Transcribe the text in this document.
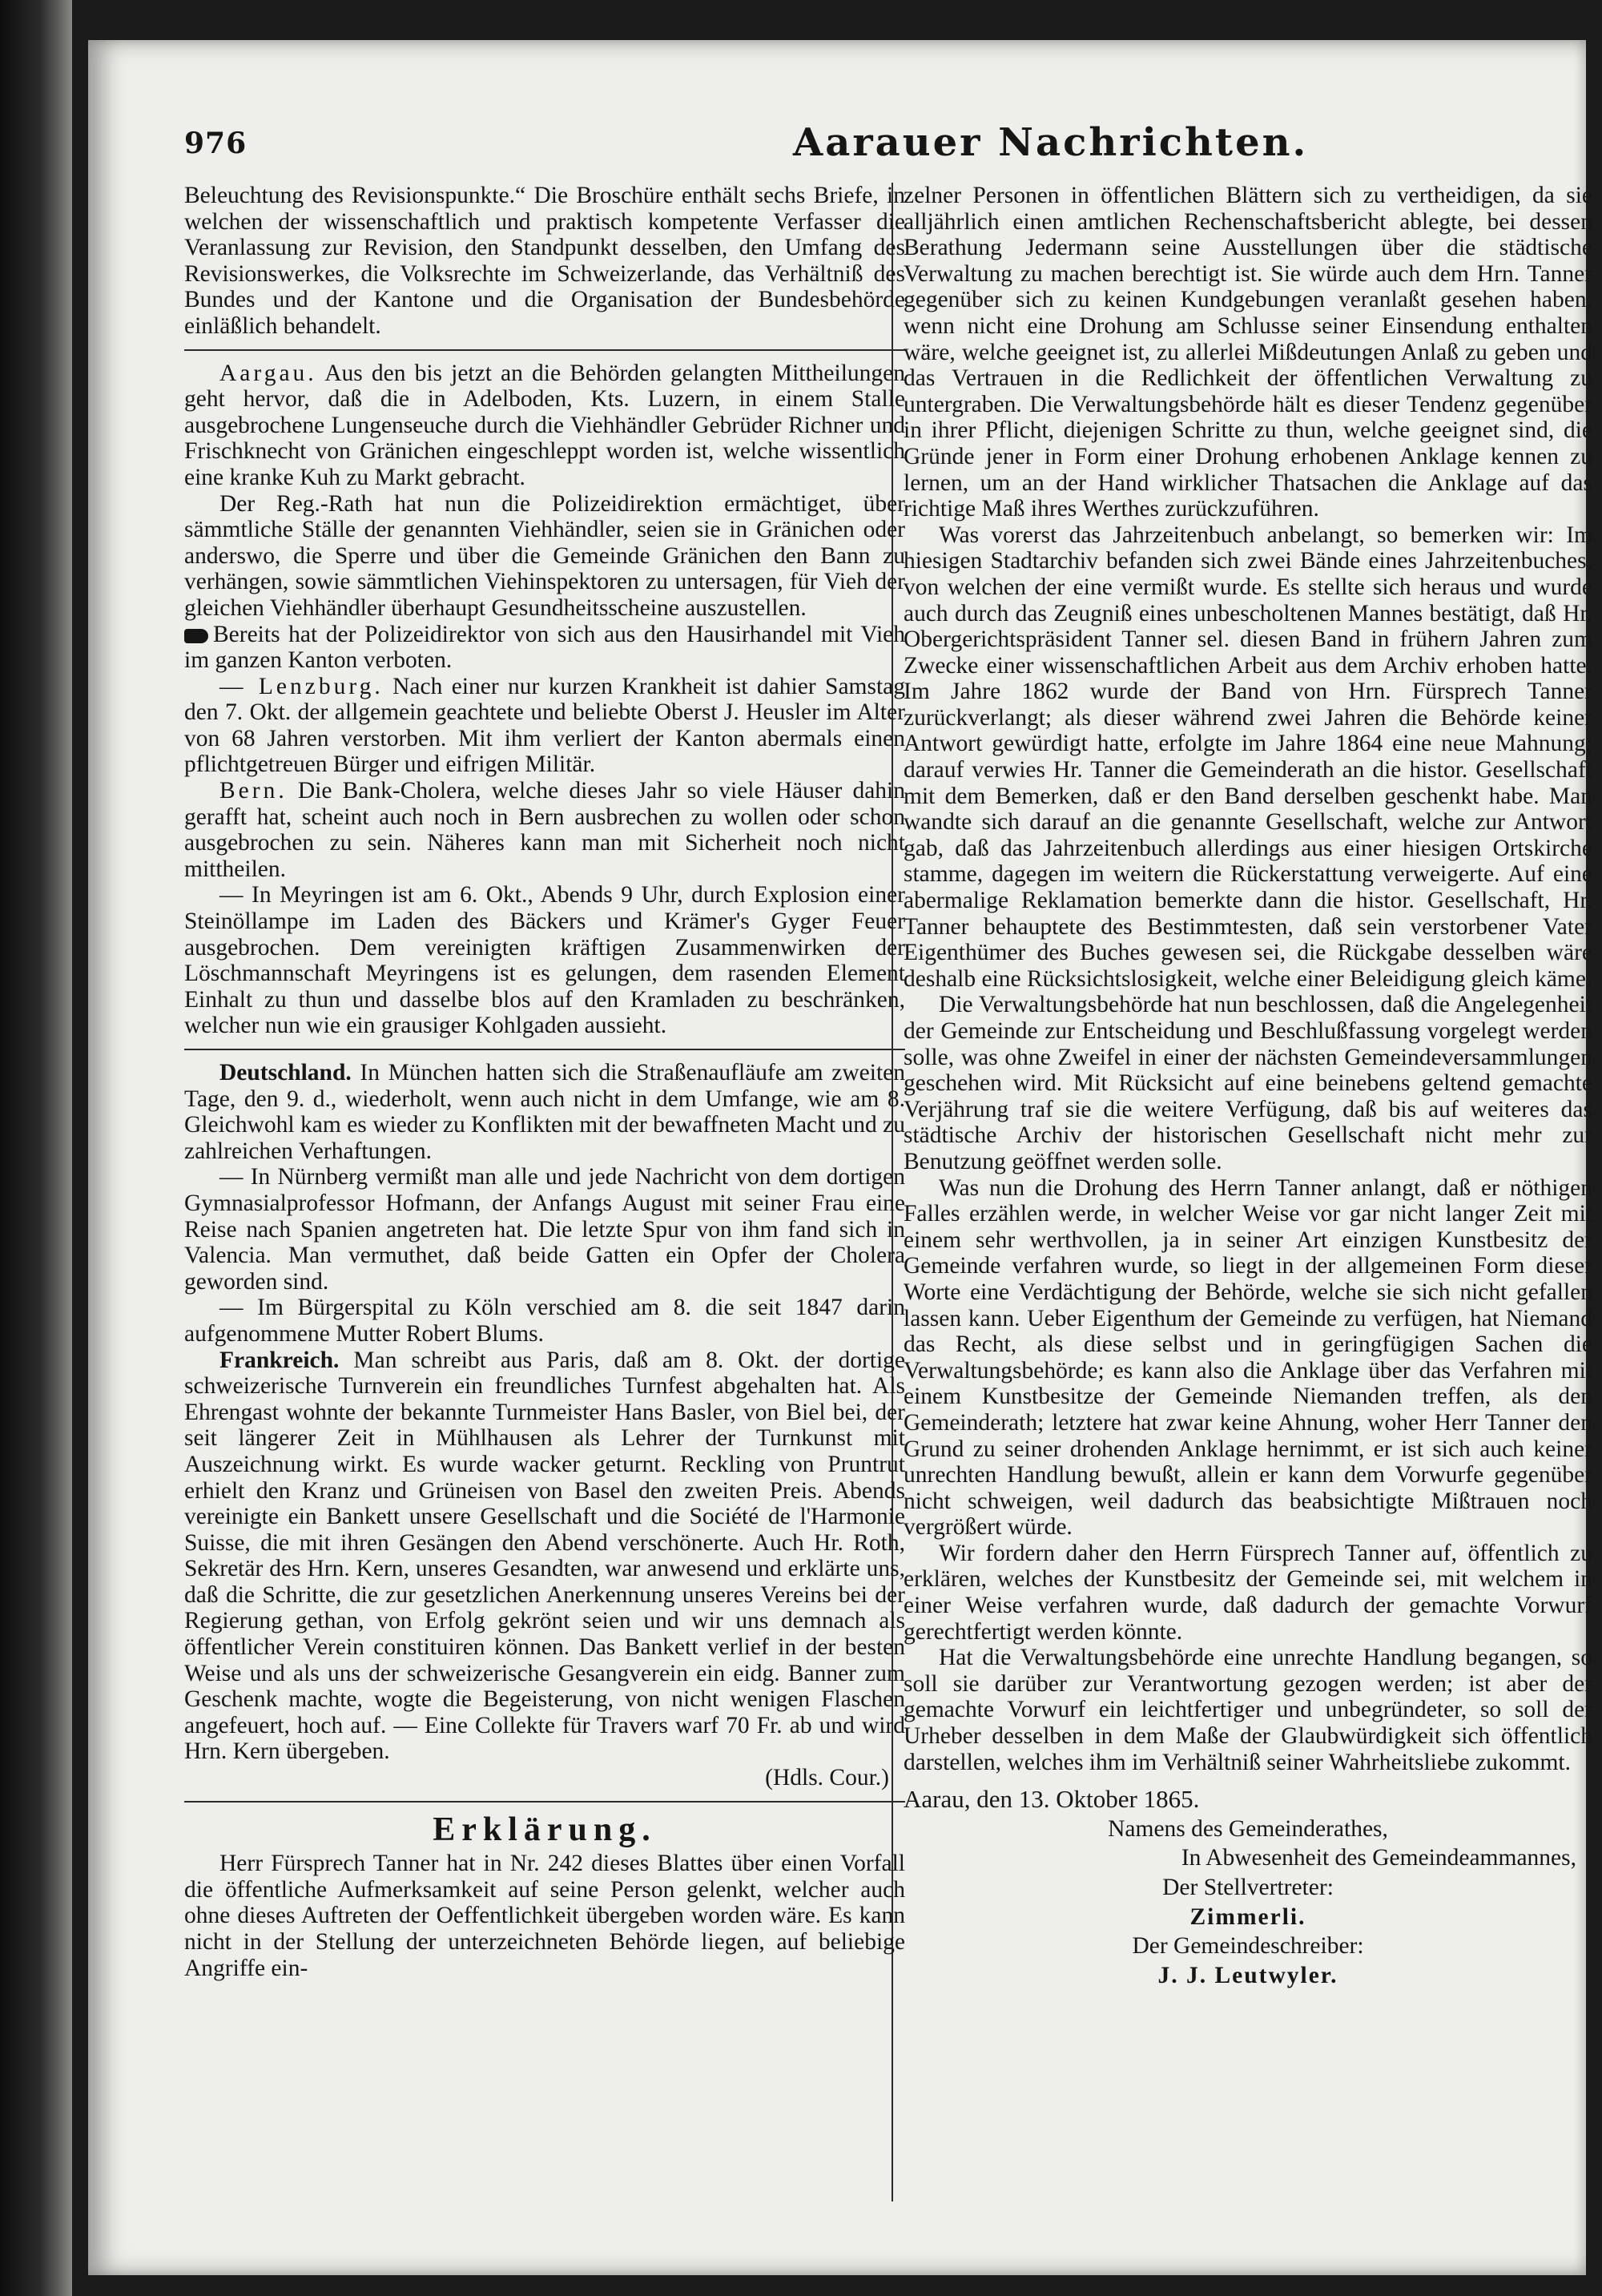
976	Aarauer Nachrichten.

Beleuchtung des Revisionspunkte.“ Die Broschüre enthält sechs Briefe, in welchen der wissenschaftlich und praktisch kompetente Verfasser die Veranlassung zur Revision, den Standpunkt desselben, den Umfang des Revisionswerkes, die Volksrechte im Schweizerlande, das Verhältniß des Bundes und der Kantone und die Organisation der Bundesbehörde einläßlich behandelt.

Aargau. Aus den bis jetzt an die Behörden gelangten Mittheilungen geht hervor, daß die in Adelboden, Kts. Luzern, in einem Stalle ausgebrochene Lungenseuche durch die Viehhändler Gebrüder Richner und Frischknecht von Gränichen eingeschleppt worden ist, welche wissentlich eine kranke Kuh zu Markt gebracht.

Der Reg.-Rath hat nun die Polizeidirektion ermächtiget, über sämmtliche Ställe der genannten Viehhändler, seien sie in Gränichen oder anderswo, die Sperre und über die Gemeinde Gränichen den Bann zu verhängen, sowie sämmtlichen Viehinspektoren zu untersagen, für Vieh der gleichen Viehhändler überhaupt Gesundheitsscheine auszustellen.

Bereits hat der Polizeidirektor von sich aus den Hausirhandel mit Vieh im ganzen Kanton verboten.

— Lenzburg. Nach einer nur kurzen Krankheit ist dahier Samstag den 7. Okt. der allgemein geachtete und beliebte Oberst J. Heusler im Alter von 68 Jahren verstorben. Mit ihm verliert der Kanton abermals einen pflichtgetreuen Bürger und eifrigen Militär.

Bern. Die Bank-Cholera, welche dieses Jahr so viele Häuser dahin gerafft hat, scheint auch noch in Bern ausbrechen zu wollen oder schon ausgebrochen zu sein. Näheres kann man mit Sicherheit noch nicht mittheilen.

— In Meyringen ist am 6. Okt., Abends 9 Uhr, durch Explosion einer Steinöllampe im Laden des Bäckers und Krämer's Gyger Feuer ausgebrochen. Dem vereinigten kräftigen Zusammenwirken der Löschmannschaft Meyringens ist es gelungen, dem rasenden Element Einhalt zu thun und dasselbe blos auf den Kramladen zu beschränken, welcher nun wie ein grausiger Kohlgaden aussieht.

Deutschland. In München hatten sich die Straßenaufläufe am zweiten Tage, den 9. d., wiederholt, wenn auch nicht in dem Umfange, wie am 8. Gleichwohl kam es wieder zu Konflikten mit der bewaffneten Macht und zu zahlreichen Verhaftungen.

— In Nürnberg vermißt man alle und jede Nachricht von dem dortigen Gymnasialprofessor Hofmann, der Anfangs August mit seiner Frau eine Reise nach Spanien angetreten hat. Die letzte Spur von ihm fand sich in Valencia. Man vermuthet, daß beide Gatten ein Opfer der Cholera geworden sind.

— Im Bürgerspital zu Köln verschied am 8. die seit 1847 darin aufgenommene Mutter Robert Blums.

Frankreich. Man schreibt aus Paris, daß am 8. Okt. der dortige schweizerische Turnverein ein freundliches Turnfest abgehalten hat. Als Ehrengast wohnte der bekannte Turnmeister Hans Basler, von Biel bei, der seit längerer Zeit in Mühlhausen als Lehrer der Turnkunst mit Auszeichnung wirkt. Es wurde wacker geturnt. Reckling von Pruntrut erhielt den Kranz und Grüneisen von Basel den zweiten Preis. Abends vereinigte ein Bankett unsere Gesellschaft und die Société de l'Harmonie Suisse, die mit ihren Gesängen den Abend verschönerte. Auch Hr. Roth, Sekretär des Hrn. Kern, unseres Gesandten, war anwesend und erklärte uns, daß die Schritte, die zur gesetzlichen Anerkennung unseres Vereins bei der Regierung gethan, von Erfolg gekrönt seien und wir uns demnach als öffentlicher Verein constituiren können. Das Bankett verlief in der besten Weise und als uns der schweizerische Gesangverein ein eidg. Banner zum Geschenk machte, wogte die Begeisterung, von nicht wenigen Flaschen angefeuert, hoch auf. — Eine Collekte für Travers warf 70 Fr. ab und wird Hrn. Kern übergeben.

(Hdls. Cour.)
Erklärung.

Herr Fürsprech Tanner hat in Nr. 242 dieses Blattes über einen Vorfall die öffentliche Aufmerksamkeit auf seine Person gelenkt, welcher auch ohne dieses Auftreten der Oeffentlichkeit übergeben worden wäre. Es kann nicht in der Stellung der unterzeichneten Behörde liegen, auf beliebige Angriffe ein-

zelner Personen in öffentlichen Blättern sich zu vertheidigen, da sie alljährlich einen amtlichen Rechenschaftsbericht ablegte, bei dessen Berathung Jedermann seine Ausstellungen über die städtische Verwaltung zu machen berechtigt ist. Sie würde auch dem Hrn. Tanner gegenüber sich zu keinen Kundgebungen veranlaßt gesehen haben, wenn nicht eine Drohung am Schlusse seiner Einsendung enthalten wäre, welche geeignet ist, zu allerlei Mißdeutungen Anlaß zu geben und das Vertrauen in die Redlichkeit der öffentlichen Verwaltung zu untergraben. Die Verwaltungsbehörde hält es dieser Tendenz gegenüber in ihrer Pflicht, diejenigen Schritte zu thun, welche geeignet sind, die Gründe jener in Form einer Drohung erhobenen Anklage kennen zu lernen, um an der Hand wirklicher Thatsachen die Anklage auf das richtige Maß ihres Werthes zurückzuführen.

Was vorerst das Jahrzeitenbuch anbelangt, so bemerken wir: Im hiesigen Stadtarchiv befanden sich zwei Bände eines Jahrzeitenbuches, von welchen der eine vermißt wurde. Es stellte sich heraus und wurde auch durch das Zeugniß eines unbescholtenen Mannes bestätigt, daß Hr. Obergerichtspräsident Tanner sel. diesen Band in frühern Jahren zum Zwecke einer wissenschaftlichen Arbeit aus dem Archiv erhoben hatte. Im Jahre 1862 wurde der Band von Hrn. Fürsprech Tanner zurückverlangt; als dieser während zwei Jahren die Behörde keiner Antwort gewürdigt hatte, erfolgte im Jahre 1864 eine neue Mahnung; darauf verwies Hr. Tanner die Gemeinderath an die histor. Gesellschaft mit dem Bemerken, daß er den Band derselben geschenkt habe. Man wandte sich darauf an die genannte Gesellschaft, welche zur Antwort gab, daß das Jahrzeitenbuch allerdings aus einer hiesigen Ortskirche stamme, dagegen im weitern die Rückerstattung verweigerte. Auf eine abermalige Reklamation bemerkte dann die histor. Gesellschaft, Hr. Tanner behauptete des Bestimmtesten, daß sein verstorbener Vater Eigenthümer des Buches gewesen sei, die Rückgabe desselben wäre deshalb eine Rücksichtslosigkeit, welche einer Beleidigung gleich käme.

Die Verwaltungsbehörde hat nun beschlossen, daß die Angelegenheit der Gemeinde zur Entscheidung und Beschlußfassung vorgelegt werden solle, was ohne Zweifel in einer der nächsten Gemeindeversammlungen geschehen wird. Mit Rücksicht auf eine beinebens geltend gemachte Verjährung traf sie die weitere Verfügung, daß bis auf weiteres das städtische Archiv der historischen Gesellschaft nicht mehr zur Benutzung geöffnet werden solle.

Was nun die Drohung des Herrn Tanner anlangt, daß er nöthigen Falles erzählen werde, in welcher Weise vor gar nicht langer Zeit mit einem sehr werthvollen, ja in seiner Art einzigen Kunstbesitz der Gemeinde verfahren wurde, so liegt in der allgemeinen Form dieser Worte eine Verdächtigung der Behörde, welche sie sich nicht gefallen lassen kann. Ueber Eigenthum der Gemeinde zu verfügen, hat Niemand das Recht, als diese selbst und in geringfügigen Sachen die Verwaltungsbehörde; es kann also die Anklage über das Verfahren mit einem Kunstbesitze der Gemeinde Niemanden treffen, als den Gemeinderath; letztere hat zwar keine Ahnung, woher Herr Tanner den Grund zu seiner drohenden Anklage hernimmt, er ist sich auch keiner unrechten Handlung bewußt, allein er kann dem Vorwurfe gegenüber nicht schweigen, weil dadurch das beabsichtigte Mißtrauen noch vergrößert würde.

Wir fordern daher den Herrn Fürsprech Tanner auf, öffentlich zu erklären, welches der Kunstbesitz der Gemeinde sei, mit welchem in einer Weise verfahren wurde, daß dadurch der gemachte Vorwurf gerechtfertigt werden könnte.

Hat die Verwaltungsbehörde eine unrechte Handlung begangen, so soll sie darüber zur Verantwortung gezogen werden; ist aber der gemachte Vorwurf ein leichtfertiger und unbegründeter, so soll der Urheber desselben in dem Maße der Glaubwürdigkeit sich öffentlich darstellen, welches ihm im Verhältniß seiner Wahrheitsliebe zukommt.

Aarau, den 13. Oktober 1865.
Namens des Gemeinderathes,
In Abwesenheit des Gemeindeammannes,
Der Stellvertreter:
Zimmerli.
Der Gemeindeschreiber:
J. J. Leutwyler.
